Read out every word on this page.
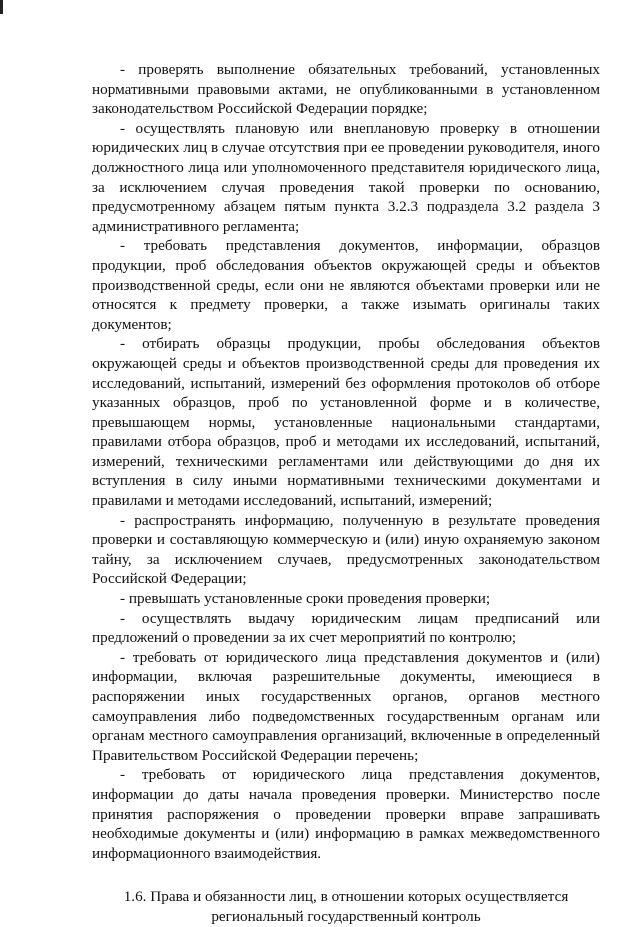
- проверять выполнение обязательных требований, установленных нормативными правовыми актами, не опубликованными в установленном законодательством Российской Федерации порядке;

- осуществлять плановую или внеплановую проверку в отношении юридических лиц в случае отсутствия при ее проведении руководителя, иного должностного лица или уполномоченного представителя юридического лица, за исключением случая проведения такой проверки по основанию, предусмотренному абзацем пятым пункта 3.2.3 подраздела 3.2 раздела 3 административного регламента;

- требовать представления документов, информации, образцов продукции, проб обследования объектов окружающей среды и объектов производственной среды, если они не являются объектами проверки или не относятся к предмету проверки, а также изымать оригиналы таких документов;

- отбирать образцы продукции, пробы обследования объектов окружающей среды и объектов производственной среды для проведения их исследований, испытаний, измерений без оформления протоколов об отборе указанных образцов, проб по установленной форме и в количестве, превышающем нормы, установленные национальными стандартами, правилами отбора образцов, проб и методами их исследований, испытаний, измерений, техническими регламентами или действующими до дня их вступления в силу иными нормативными техническими документами и правилами и методами исследований, испытаний, измерений;

- распространять информацию, полученную в результате проведения проверки и составляющую коммерческую и (или) иную охраняемую законом тайну, за исключением случаев, предусмотренных законодательством Российской Федерации;

- превышать установленные сроки проведения проверки;

- осуществлять выдачу юридическим лицам предписаний или предложений о проведении за их счет мероприятий по контролю;

- требовать от юридического лица представления документов и (или) информации, включая разрешительные документы, имеющиеся в распоряжении иных государственных органов, органов местного самоуправления либо подведомственных государственным органам или органам местного самоуправления организаций, включенные в определенный Правительством Российской Федерации перечень;

- требовать от юридического лица представления документов, информации до даты начала проведения проверки. Министерство после принятия распоряжения о проведении проверки вправе запрашивать необходимые документы и (или) информацию в рамках межведомственного информационного взаимодействия.

1.6. Права и обязанности лиц, в отношении которых осуществляется
региональный государственный контроль
